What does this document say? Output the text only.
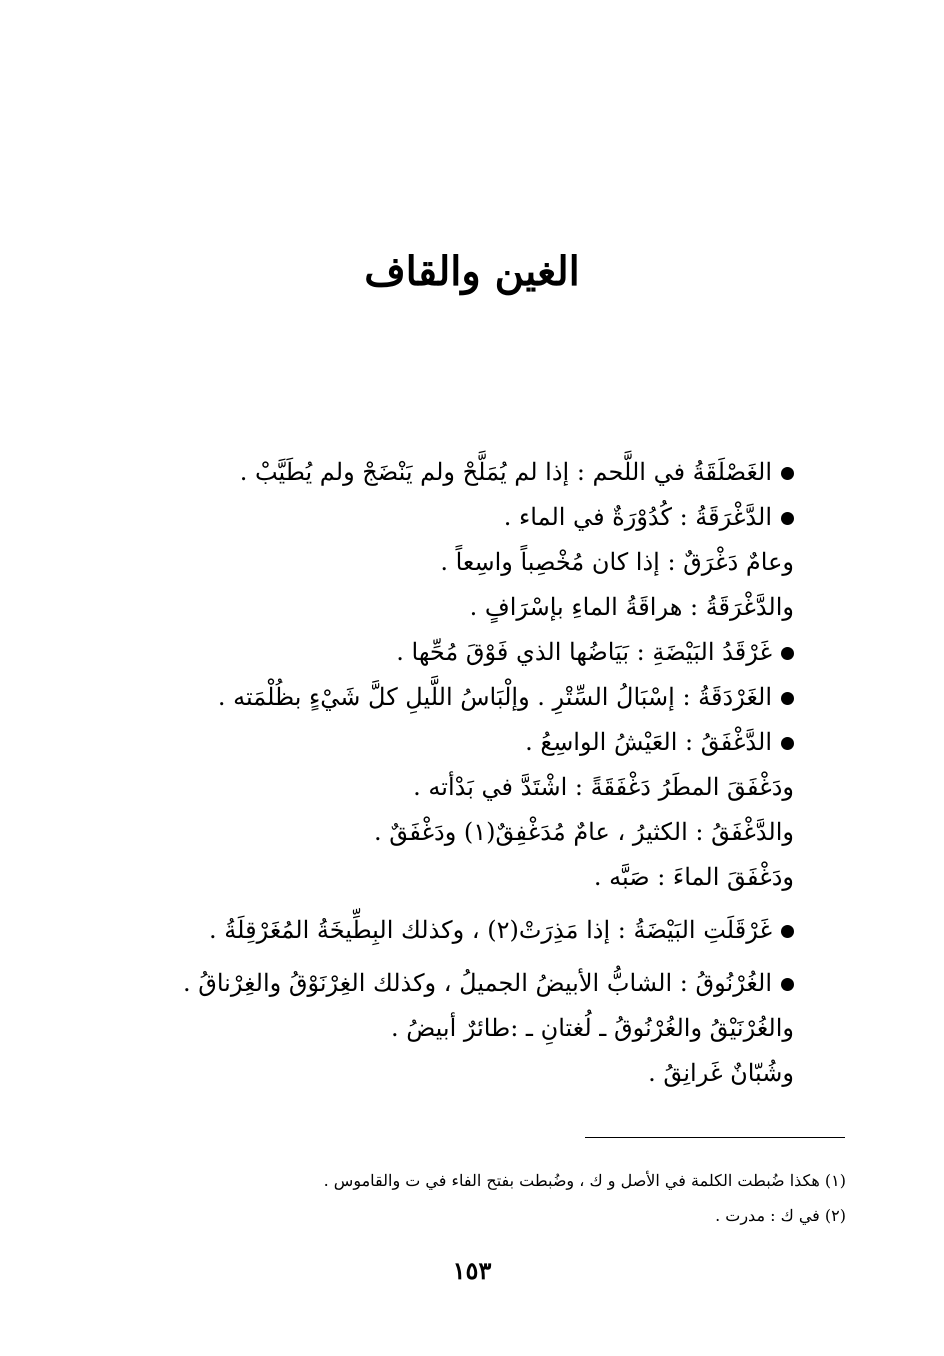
الغين والقاف
الغَصْلَقَةُ في اللَّحم : إذا لم يُمَلَّحْ ولم يَنْضَجْ ولم يُطَيَّبْ .
الدَّغْرَقَةُ : كُدُوْرَةٌ في الماء .
وعامٌ دَغْرَقٌ : إذا كان مُخْصِباً واسِعاً .
والدَّغْرَقَةُ : هراقَةُ الماءِ بإسْرَافٍ .
غَرْقَدُ البَيْضَةِ : بَيَاضُها الذي فَوْقَ مُحِّها .
الغَرْدَقَةُ : إسْبَالُ السِّتْرِ . وإلْبَاسُ اللَّيلِ كلَّ شَيْءٍ بظُلْمَته .
الدَّغْفَقُ : العَيْشُ الواسِعُ .
ودَغْفَقَ المطَرُ دَغْفَقَةً : اشْتَدَّ في بَدْأته .
والدَّغْفَقُ : الكثيرُ ، عامٌ مُدَغْفِقٌ(١) ودَغْفَقٌ .
ودَغْفَقَ الماءَ : صَبَّه .
غَرْقَلَتِ البَيْضَةُ : إذا مَذِرَتْ(٢) ، وكذلك البِطِّيخَةُ المُغَرْقِلَةُ .
الغُرْنُوقُ : الشابُّ الأبيضُ الجميلُ ، وكذلك الغِرْنَوْقُ والغِرْناقُ .
والغُرْنَيْقُ والغُرْنُوقُ ـ لُغتانِ ـ :طائرٌ أبيضُ .
وشُبّانٌ غَرانِقُ .
(١) هكذا ضُبطت الكلمة في الأصل و ك ، وضُبطت بفتح الفاء في ت والقاموس .
(٢) في ك : مدرت .
١٥٣
